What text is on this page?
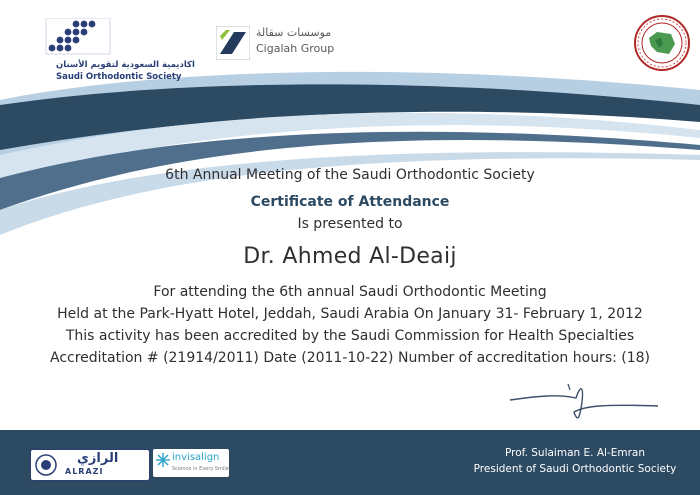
اكاديمية السعودية لتقويم الأسنان
Saudi Orthodontic Society
موسسات سقالة
Cigalah Group
6th Annual Meeting of the Saudi Orthodontic Society
Certificate of Attendance
Is presented to
Dr. Ahmed Al-Deaij
For attending the 6th annual Saudi Orthodontic Meeting
Held at the Park-Hyatt Hotel, Jeddah, Saudi Arabia On January 31- February 1, 2012
This activity has been accredited by the Saudi Commission for Health Specialties
Accreditation # (21914/2011) Date (2011-10-22) Number of accreditation hours: (18)
الرازي
ALRAZI
invisalign
Science in Every Smile
Prof. Sulaiman E. Al-Emran
President of Saudi Orthodontic Society
